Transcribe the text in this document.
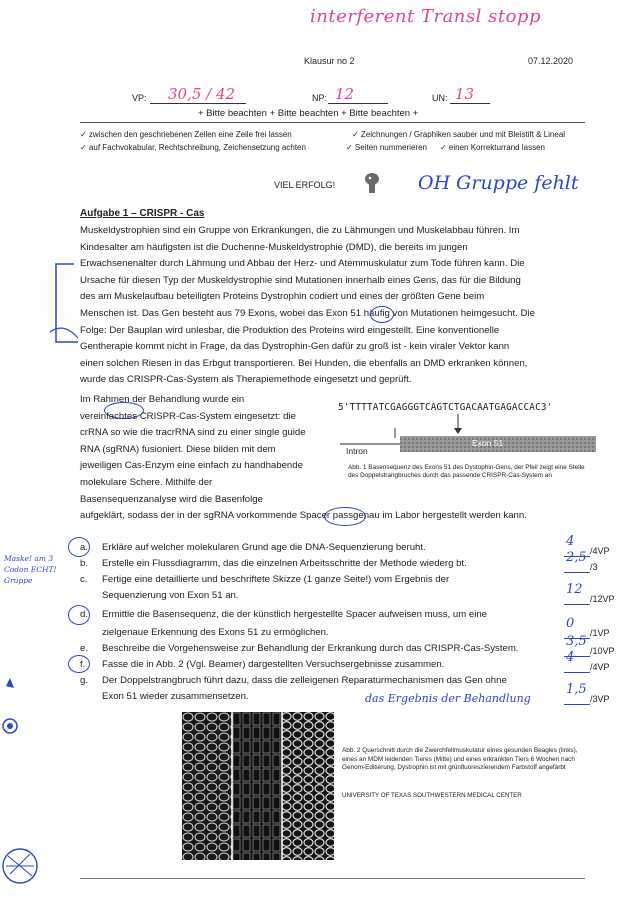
interferent Transl stopp
Klausur no 2	07.12.2020
VP: 30,5 / 42	NP: 12	UN: 13
+ Bitte beachten + Bitte beachten + Bitte beachten +
✓ zwischen den geschriebenen Zeilen eine Zeile frei lassen	✓ Zeichnungen / Graphiken sauber und mit Bleistift & Lineal
✓ auf Fachvokabular, Rechtschreibung, Zeichensetzung achten	✓ Seiten nummerieren ✓ einen Korrekturrand lassen
VIEL ERFOLG!	OH Gruppe fehlt
Aufgabe 1 – CRISPR - Cas
Muskeldystrophien sind ein Gruppe von Erkrankungen, die zu Lähmungen und Muskelabbau führen. Im
Kindesalter am häufigsten ist die Duchenne-Muskeldystrophie (DMD), die bereits im jungen
Erwachsenenalter durch Lähmung und Abbau der Herz- und Atemmuskulatur zum Tode führen kann. Die
Ursache für diesen Typ der Muskeldystrophie sind Mutationen innerhalb eines Gens, das für die Bildung
des am Muskelaufbau beteiligten Proteins Dystrophin codiert und eines der größten Gene beim
Menschen ist. Das Gen besteht aus 79 Exons, wobei das Exon 51 häufig von Mutationen heimgesucht. Die
Folge: Der Bauplan wird unlesbar, die Produktion des Proteins wird eingestellt. Eine konventionelle
Gentherapie kommt nicht in Frage, da das Dystrophin-Gen dafür zu groß ist - kein viraler Vektor kann
einen solchen Riesen in das Erbgut transportieren. Bei Hunden, die ebenfalls an DMD erkranken können,
wurde das CRISPR-Cas-System als Therapiemethode eingesetzt und geprüft.
Im Rahmen der Behandlung wurde ein
vereinfachtes CRISPR-Cas-System eingesetzt: die
crRNA so wie die tracrRNA sind zu einer single guide
RNA (sgRNA) fusioniert. Diese bilden mit dem
jeweiligen Cas-Enzym eine einfach zu handhabende
molekulare Schere. Mithilfe der
Basensequenzanalyse wird die Basenfolge
aufgeklärt, sodass der in der sgRNA vorkommende Spacer passgenau im Labor hergestellt werden kann.
5'TTTTATCGAGGGTCAGTCTGACAATGAGACCAC3'
Intron
Exon 51
Abb. 1 Basensequenz des Exons 51 des Dystophin-Gens, der Pfeil zeigt eine Stelle des Doppelstrangbruches durch das passende CRISPR-Cas-System an
Maske! am 3 Codon ECHT! Gruppe
a.	Erkläre auf welcher molekularen Grund age die DNA-Sequenzierung beruht.	4
/4VP
b.	Erstelle ein Flussdiagramm, das die einzelnen Arbeitsschritte der Methode wiederg bt.	2,5
/3
c.	Fertige eine detaillierte und beschriftete Skizze (1 ganze Seite!) vom Ergebnis der
Sequenzierung von Exon 51 an.	12
/12VP
d.	Ermittle die Basensequenz, die der künstlich hergestellte Spacer aufweisen muss, um eine
zielgenaue Erkennung des Exons 51 zu ermöglichen.
0
/1VP
e.	Beschreibe die Vorgehensweise zur Behandlung der Erkrankung durch das CRISPR-Cas-System.	3,5
/10VP
f.	Fasse die in Abb. 2 (Vgl. Beamer) dargestellten Versuchsergebnisse zusammen.	4
/4VP
g.	Der Doppelstrangbruch führt dazu, dass die zelleigenen Reparaturmechanismen das Gen ohne
Exon 51 wieder zusammensetzen.	1,5
/3VP
das Ergebnis der Behandlung
Abb. 2 Querschnitt durch die Zwerchfellmuskulatur eines gesunden Beagles (links), eines an MDM leidenden Tieres (Mitte) und eines erkrankten Tiers 6 Wochen nach Genom-Editierung; Dystrophin ist mit grünfluoreszierendem Farbstoff angefärbt
UNIVERSITY OF TEXAS SOUTHWESTERN MEDICAL CENTER
